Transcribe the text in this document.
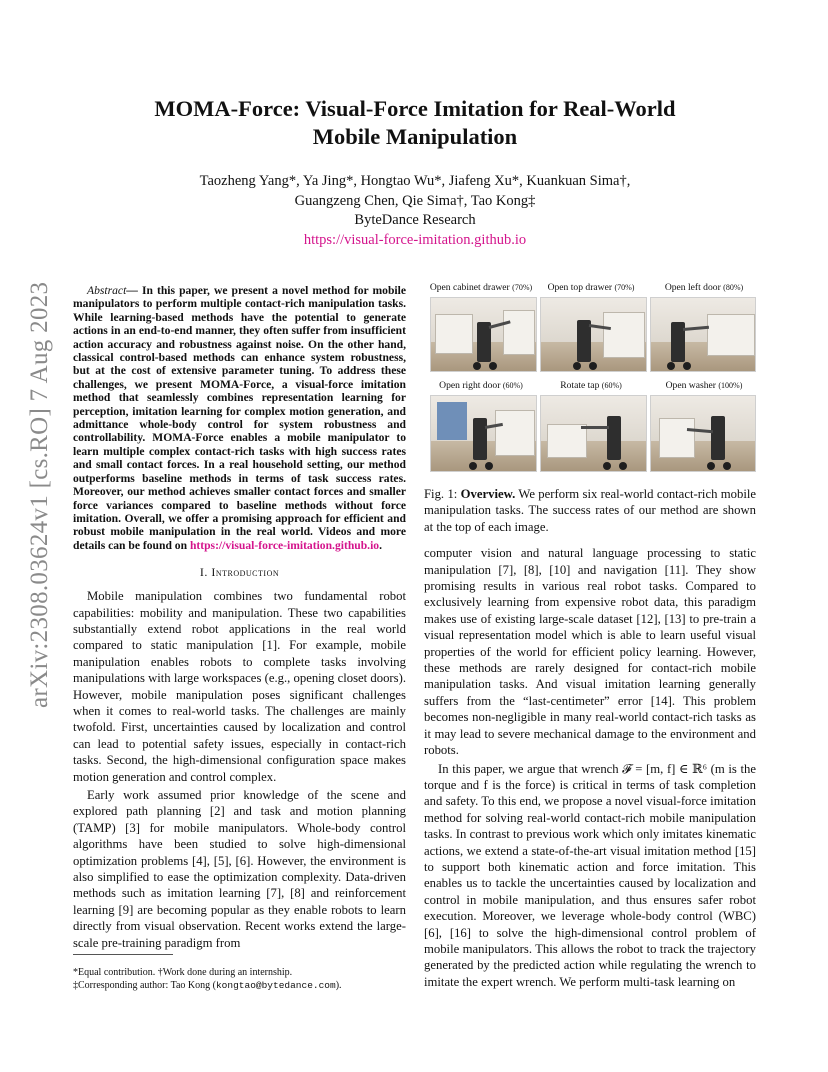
arXiv:2308.03624v1 [cs.RO] 7 Aug 2023
MOMA-Force: Visual-Force Imitation for Real-World
Mobile Manipulation
Taozheng Yang*, Ya Jing*, Hongtao Wu*, Jiafeng Xu*, Kuankuan Sima†,
Guangzeng Chen, Qie Sima†, Tao Kong‡
ByteDance Research
https://visual-force-imitation.github.io

Abstract— In this paper, we present a novel method for mobile manipulators to perform multiple contact-rich manipulation tasks. While learning-based methods have the potential to generate actions in an end-to-end manner, they often suffer from insufficient action accuracy and robustness against noise. On the other hand, classical control-based methods can enhance system robustness, but at the cost of extensive parameter tuning. To address these challenges, we present MOMA-Force, a visual-force imitation method that seamlessly combines representation learning for perception, imitation learning for complex motion generation, and admittance whole-body control for system robustness and controllability. MOMA-Force enables a mobile manipulator to learn multiple complex contact-rich tasks with high success rates and small contact forces. In a real household setting, our method outperforms baseline methods in terms of task success rates. Moreover, our method achieves smaller contact forces and smaller force variances compared to baseline methods without force imitation. Overall, we offer a promising approach for efficient and robust mobile manipulation in the real world. Videos and more details can be found on https://visual-force-imitation.github.io.

I. Introduction

Mobile manipulation combines two fundamental robot capabilities: mobility and manipulation. These two capabilities substantially extend robot applications in the real world compared to static manipulation [1]. For example, mobile manipulation enables robots to complete tasks involving manipulations with large workspaces (e.g., opening closet doors). However, mobile manipulation poses significant challenges when it comes to real-world tasks. The challenges are mainly twofold. First, uncertainties caused by localization and control can lead to potential safety issues, especially in contact-rich tasks. Second, the high-dimensional configuration space makes motion generation and control complex.

Early work assumed prior knowledge of the scene and explored path planning [2] and task and motion planning (TAMP) [3] for mobile manipulators. Whole-body control algorithms have been studied to solve high-dimensional optimization problems [4], [5], [6]. However, the environment is also simplified to ease the optimization complexity. Data-driven methods such as imitation learning [7], [8] and reinforcement learning [9] are becoming popular as they enable robots to learn directly from visual observation. Recent works extend the large-scale pre-training paradigm from

*Equal contribution. †Work done during an internship.
‡Corresponding author: Tao Kong (kongtao@bytedance.com).
Open cabinet drawer (70%)	Open top drawer (70%)	Open left door (80%)
Open right door (60%)	Rotate tap (60%)	Open washer (100%)

Fig. 1: Overview. We perform six real-world contact-rich mobile manipulation tasks. The success rates of our method are shown at the top of each image.

computer vision and natural language processing to static manipulation [7], [8], [10] and navigation [11]. They show promising results in various real robot tasks. Compared to exclusively learning from expensive robot data, this paradigm makes use of existing large-scale dataset [12], [13] to pre-train a visual representation model which is able to learn useful visual properties of the world for efficient policy learning. However, these methods are rarely designed for contact-rich mobile manipulation tasks. And visual imitation learning generally suffers from the “last-centimeter” error [14]. This problem becomes non-negligible in many real-world contact-rich tasks as it may lead to severe mechanical damage to the environment and robots.

In this paper, we argue that wrench 𝓕 = [m, f] ∈ ℝ⁶ (m is the torque and f is the force) is critical in terms of task completion and safety. To this end, we propose a novel visual-force imitation method for solving real-world contact-rich mobile manipulation tasks. In contrast to previous work which only imitates kinematic actions, we extend a state-of-the-art visual imitation method [15] to support both kinematic action and force imitation. This enables us to tackle the uncertainties caused by localization and control in mobile manipulation, and thus ensures safer robot execution. Moreover, we leverage whole-body control (WBC) [6], [16] to solve the high-dimensional control problem of mobile manipulators. This allows the robot to track the trajectory generated by the predicted action while regulating the wrench to imitate the expert wrench. We perform multi-task learning on
